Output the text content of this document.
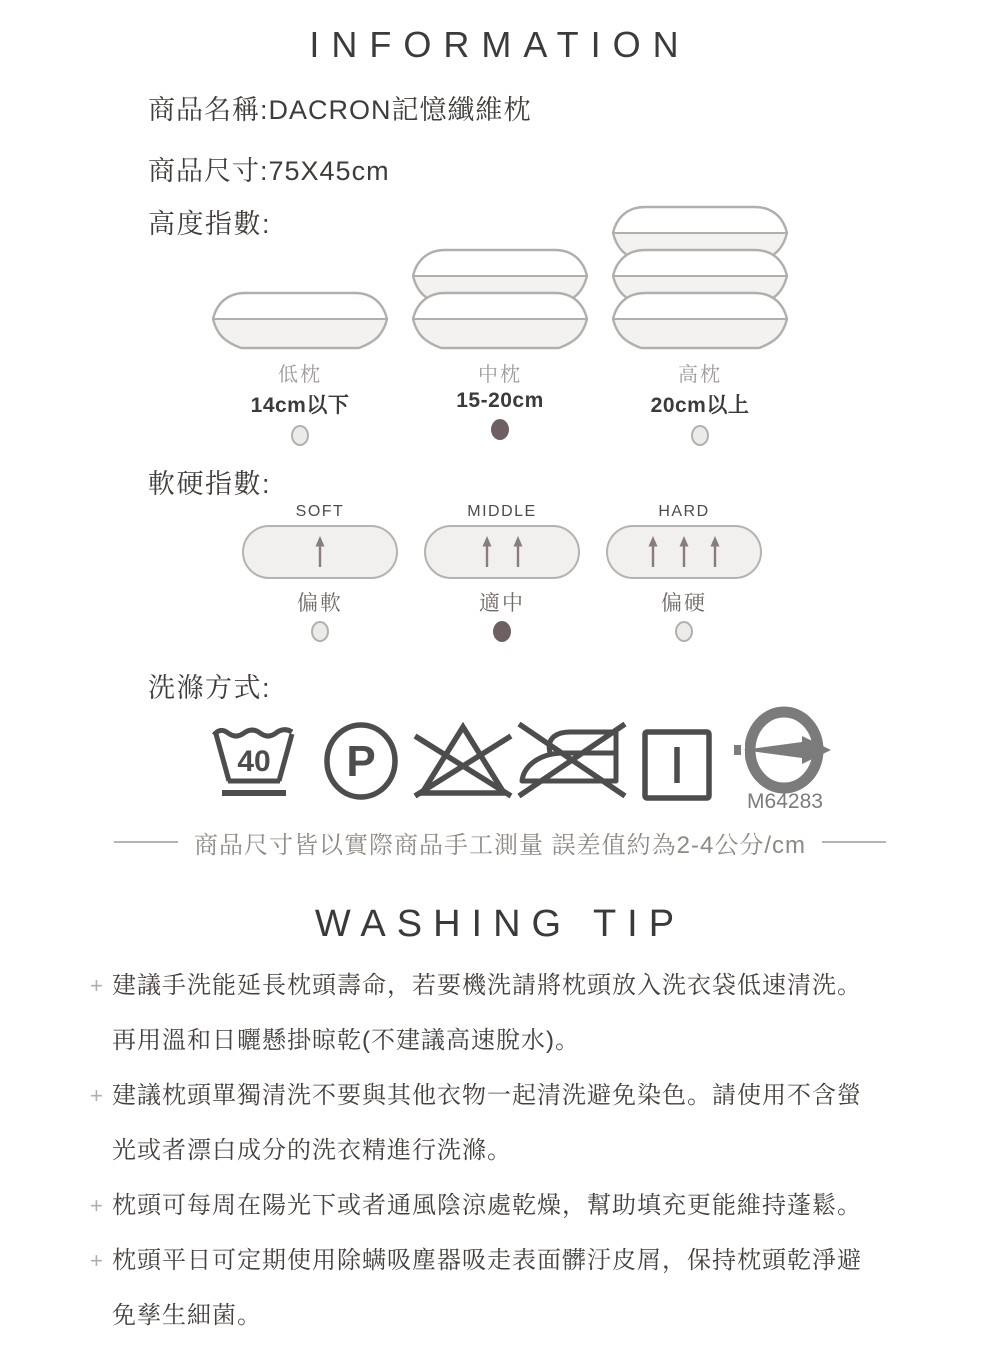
INFORMATION
商品名稱:DACRON記憶纖維枕
商品尺寸:75X45cm
高度指數:
低枕
14cm以下
中枕
15-20cm
高枕
20cm以上
軟硬指數:
SOFT
偏軟
MIDDLE
適中
HARD
偏硬
洗滌方式:
40 P
M64283
商品尺寸皆以實際商品手工測量 誤差值約為2-4公分/cm
WASHING TIP
+ 建議手洗能延長枕頭壽命，若要機洗請將枕頭放入洗衣袋低速清洗。再用溫和日曬懸掛晾乾(不建議高速脫水)。
+ 建議枕頭單獨清洗不要與其他衣物一起清洗避免染色。請使用不含螢光或者漂白成分的洗衣精進行洗滌。
+ 枕頭可每周在陽光下或者通風陰涼處乾燥，幫助填充更能維持蓬鬆。
+ 枕頭平日可定期使用除螨吸塵器吸走表面髒汙皮屑，保持枕頭乾淨避免孳生細菌。
